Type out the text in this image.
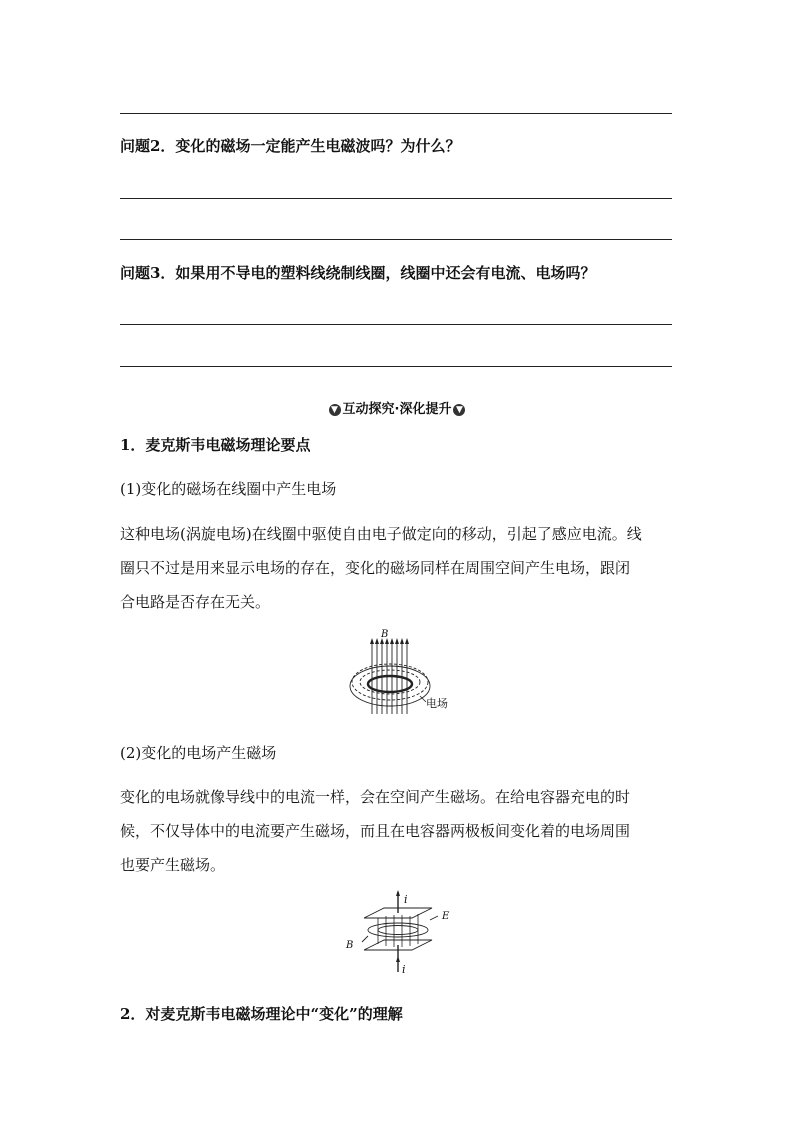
问题2．变化的磁场一定能产生电磁波吗？为什么？
问题3．如果用不导电的塑料线绕制线圈，线圈中还会有电流、电场吗？
▼ 互动探究·深化提升 ▼
1．麦克斯韦电磁场理论要点
(1)变化的磁场在线圈中产生电场
这种电场(涡旋电场)在线圈中驱使自由电子做定向的移动，引起了感应电流。线
圈只不过是用来显示电场的存在，变化的磁场同样在周围空间产生电场，跟闭
合电路是否存在无关。
B
电场
(2)变化的电场产生磁场
变化的电场就像导线中的电流一样，会在空间产生磁场。在给电容器充电的时
候，不仅导体中的电流要产生磁场，而且在电容器两极板间变化着的电场周围
也要产生磁场。
i
E
B
i
2．对麦克斯韦电磁场理论中“变化”的理解
